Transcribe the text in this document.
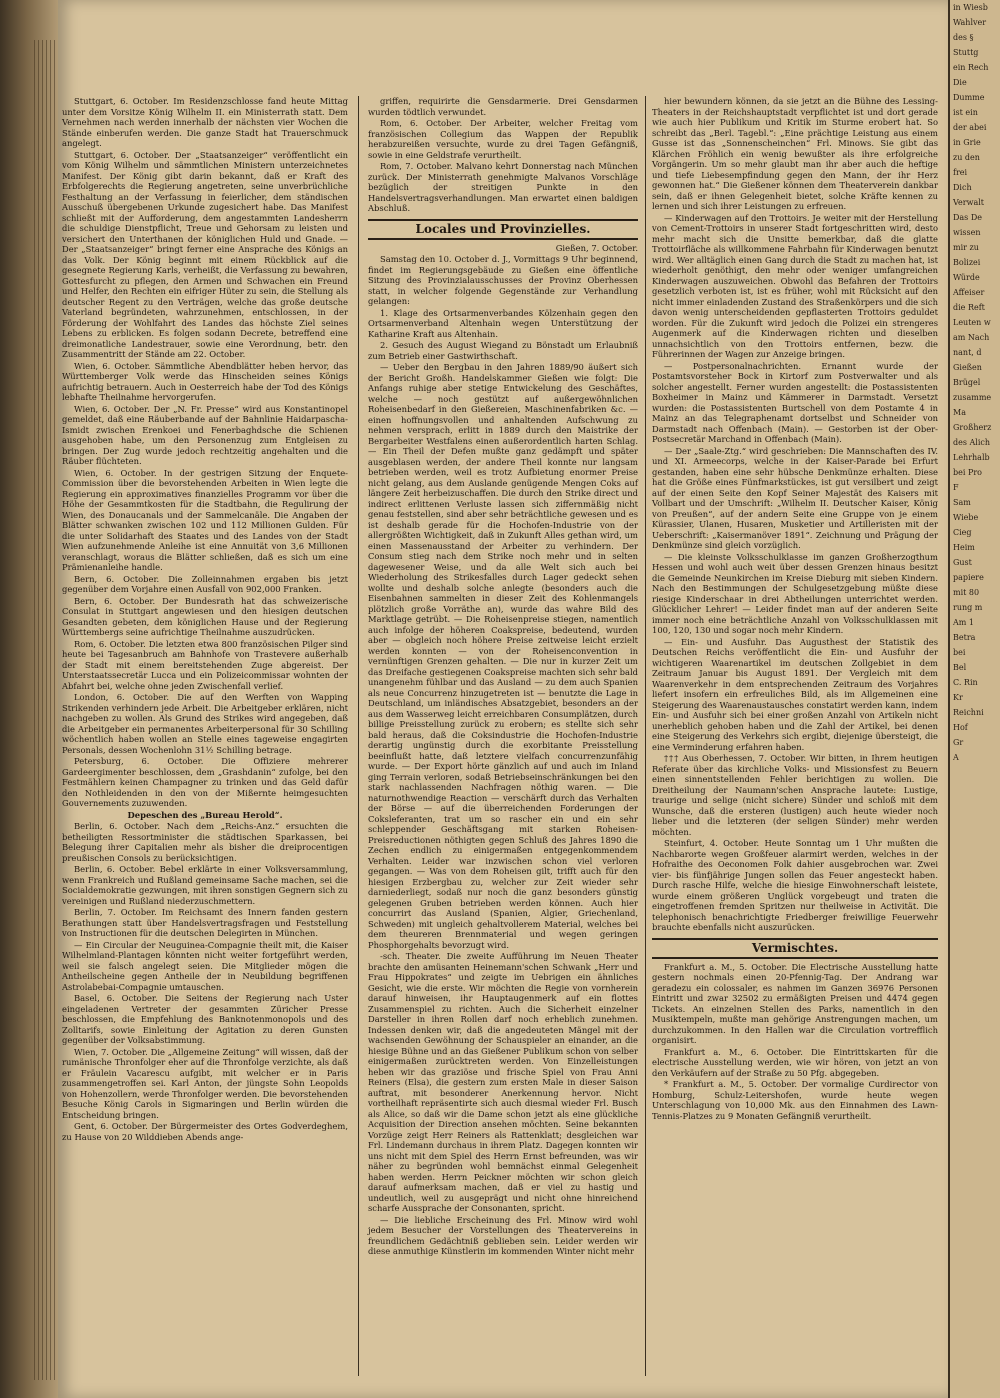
Stuttgart, 6. October. Im Residenzschlosse fand heute Mittag unter dem Vorsitze König Wilhelm II. ein Ministerrath statt. Dem Vernehmen nach werden innerhalb der nächsten vier Wochen die Stände einberufen werden. Die ganze Stadt hat Trauerschmuck angelegt.

Stuttgart, 6. October. Der „Staatsanzeiger“ veröffentlicht ein vom König Wilhelm und sämmtlichen Ministern unterzeichnetes Manifest. Der König gibt darin bekannt, daß er Kraft des Erbfolgerechts die Regierung angetreten, seine unverbrüchliche Festhaltung an der Verfassung in feierlicher, dem ständischen Ausschuß übergebenen Urkunde zugesichert habe. Das Manifest schließt mit der Aufforderung, dem angestammten Landesherrn die schuldige Dienstpflicht, Treue und Gehorsam zu leisten und versichert den Unterthanen der königlichen Huld und Gnade. — Der „Staatsanzeiger“ bringt ferner eine Ansprache des Königs an das Volk. Der König beginnt mit einem Rückblick auf die gesegnete Regierung Karls, verheißt, die Verfassung zu bewahren, Gottesfurcht zu pflegen, den Armen und Schwachen ein Freund und Helfer, den Rechten ein eifriger Hüter zu sein, die Stellung als deutscher Regent zu den Verträgen, welche das große deutsche Vaterland begründeten, wahrzunehmen, entschlossen, in der Förderung der Wohlfahrt des Landes das höchste Ziel seines Lebens zu erblicken. Es folgen sodann Decrete, betreffend eine dreimonatliche Landestrauer, sowie eine Verordnung, betr. den Zusammentritt der Stände am 22. October.

Wien, 6. October. Sämmtliche Abendblätter heben hervor, das Württemberger Volk werde das Hinscheiden seines Königs aufrichtig betrauern. Auch in Oesterreich habe der Tod des Königs lebhafte Theilnahme hervorgerufen.

Wien, 6. October. Der „N. Fr. Presse“ wird aus Konstantinopel gemeldet, daß eine Räuberbande auf der Bahnlinie Haidarpascha-Ismidt zwischen Erenkoei und Fenerbaghdsche die Schienen ausgehoben habe, um den Personenzug zum Entgleisen zu bringen. Der Zug wurde jedoch rechtzeitig angehalten und die Räuber flüchteten.

Wien, 6. October. In der gestrigen Sitzung der Enquete-Commission über die bevorstehenden Arbeiten in Wien legte die Regierung ein approximatives finanzielles Programm vor über die Höhe der Gesammtkosten für die Stadtbahn, die Regulirung der Wien, des Donaucanals und der Sammelcanäle. Die Angaben der Blätter schwanken zwischen 102 und 112 Millionen Gulden. Für die unter Solidarhaft des Staates und des Landes von der Stadt Wien aufzunehmende Anleihe ist eine Annuität von 3,6 Millionen veranschlagt, woraus die Blätter schließen, daß es sich um eine Prämienanleihe handle.

Bern, 6. October. Die Zolleinnahmen ergaben bis jetzt gegenüber dem Vorjahre einen Ausfall von 902,000 Franken.

Bern, 6. October. Der Bundesrath hat das schweizerische Consulat in Stuttgart angewiesen und den hiesigen deutschen Gesandten gebeten, dem königlichen Hause und der Regierung Württembergs seine aufrichtige Theilnahme auszudrücken.

Rom, 6. October. Die letzten etwa 800 französischen Pilger sind heute bei Tagesanbruch am Bahnhofe von Trastevere außerhalb der Stadt mit einem bereitstehenden Zuge abgereist. Der Unterstaatssecretär Lucca und ein Polizeicommissar wohnten der Abfahrt bei, welche ohne jeden Zwischenfall verlief.

London, 6. October. Die auf den Werften von Wapping Strikenden verhindern jede Arbeit. Die Arbeitgeber erklären, nicht nachgeben zu wollen. Als Grund des Strikes wird angegeben, daß die Arbeitgeber ein permanentes Arbeiterpersonal für 30 Schilling wöchentlich haben wollen an Stelle eines tageweise engagirten Personals, dessen Wochenlohn 31½ Schilling betrage.

Petersburg, 6. October. Die Offiziere mehrerer Gardeergimenter beschlossen, dem „Grashdanin“ zufolge, bei den Festmählern keinen Champagner zu trinken und das Geld dafür den Nothleidenden in den von der Mißernte heimgesuchten Gouvernements zuzuwenden.

Depeschen des „Bureau Herold“.

Berlin, 6. October. Nach dem „Reichs-Anz.“ ersuchten die betheiligten Ressortminister die städtischen Sparkassen, bei Belegung ihrer Capitalien mehr als bisher die dreiprocentigen preußischen Consols zu berücksichtigen.

Berlin, 6. October. Bebel erklärte in einer Volksversammlung, wenn Frankreich und Rußland gemeinsame Sache machen, sei die Socialdemokratie gezwungen, mit ihren sonstigen Gegnern sich zu vereinigen und Rußland niederzuschmettern.

Berlin, 7. October. Im Reichsamt des Innern fanden gestern Berathungen statt über Handelsvertragsfragen und Feststellung von Instructionen für die deutschen Delegirten in München.

— Ein Circular der Neuguinea-Compagnie theilt mit, die Kaiser Wilhelmland-Plantagen könnten nicht weiter fortgeführt werden, weil sie falsch angelegt seien. Die Mitglieder mögen die Antheilscheine gegen Antheile der in Neubildung begriffenen Astrolabebai-Compagnie umtauschen.

Basel, 6. October. Die Seitens der Regierung nach Uster eingeladenen Vertreter der gesammten Züricher Presse beschlossen, die Empfehlung des Banknotenmonopols und des Zolltarifs, sowie Einleitung der Agitation zu deren Gunsten gegenüber der Volksabstimmung.

Wien, 7. October. Die „Allgemeine Zeitung“ will wissen, daß der rumänische Thronfolger eher auf die Thronfolge verzichte, als daß er Fräulein Vacarescu aufgibt, mit welcher er in Paris zusammengetroffen sei. Karl Anton, der jüngste Sohn Leopolds von Hohenzollern, werde Thronfolger werden. Die bevorstehenden Besuche König Carols in Sigmaringen und Berlin würden die Entscheidung bringen.

Gent, 6. October. Der Bürgermeister des Ortes Godverdeghem, zu Hause von 20 Wilddieben Abends ange-

griffen, requirirte die Gensdarmerie. Drei Gensdarmen wurden tödtlich verwundet.

Rom, 6. October. Der Arbeiter, welcher Freitag vom französischen Collegium das Wappen der Republik herabzureißen versuchte, wurde zu drei Tagen Gefängniß, sowie in eine Geldstrafe verurtheilt.

Rom, 7. October. Malvano kehrt Donnerstag nach München zurück. Der Ministerrath genehmigte Malvanos Vorschläge bezüglich der streitigen Punkte in den Handelsvertragsverhandlungen. Man erwartet einen baldigen Abschluß.

Locales und Provinzielles.

Gießen, 7. October.

Samstag den 10. October d. J., Vormittags 9 Uhr beginnend, findet im Regierungsgebäude zu Gießen eine öffentliche Sitzung des Provinzialausschusses der Provinz Oberhessen statt, in welcher folgende Gegenstände zur Verhandlung gelangen:

1. Klage des Ortsarmenverbandes Kölzenhain gegen den Ortsarmenverband Altenhain wegen Unterstützung der Katharine Kraft aus Altenhain.

2. Gesuch des August Wiegand zu Bönstadt um Erlaubniß zum Betrieb einer Gastwirthschaft.

— Ueber den Bergbau in den Jahren 1889/90 äußert sich der Bericht Großh. Handelskammer Gießen wie folgt: Die Anfangs ruhige aber stetige Entwickelung des Geschäftes, welche — noch gestützt auf außergewöhnlichen Roheisenbedarf in den Gießereien, Maschinenfabriken &c. — einen hoffnungsvollen und anhaltenden Aufschwung zu nehmen versprach, erlitt in 1889 durch den Maistrike der Bergarbeiter Westfalens einen außerordentlich harten Schlag. — Ein Theil der Defen mußte ganz gedämpft und später ausgeblasen werden, der andere Theil konnte nur langsam betrieben werden, weil es trotz Aufbietung enormer Preise nicht gelang, aus dem Auslande genügende Mengen Coks auf längere Zeit herbeizuschaffen. Die durch den Strike direct und indirect erlittenen Verluste lassen sich ziffernmäßig nicht genau feststellen, sind aber sehr beträchtliche gewesen und es ist deshalb gerade für die Hochofen-Industrie von der allergrößten Wichtigkeit, daß in Zukunft Alles gethan wird, um einen Massenausstand der Arbeiter zu verhindern. Der Consum stieg nach dem Strike noch mehr und in selten dagewesener Weise, und da alle Welt sich auch bei Wiederholung des Strikesfalles durch Lager gedeckt sehen wollte und deshalb solche anlegte (besonders auch die Eisenbahnen sammelten in dieser Zeit des Kohlenmangels plötzlich große Vorräthe an), wurde das wahre Bild des Marktlage getrübt. — Die Roheisenpreise stiegen, namentlich auch infolge der höheren Coakspreise, bedeutend, wurden aber — obgleich noch höhere Preise zeitweise leicht erzielt werden konnten — von der Roheisenconvention in vernünftigen Grenzen gehalten. — Die nur in kurzer Zeit um das Dreifache gestiegenen Coakspreise machten sich sehr bald unangenehm fühlbar und das Ausland — zu dem auch Spanien als neue Concurrenz hinzugetreten ist — benutzte die Lage in Deutschland, um inländisches Absatzgebiet, besonders an der aus dem Wasserweg leicht erreichbaren Consumplätzen, durch billige Preisstellung zurück zu erobern; es stellte sich sehr bald heraus, daß die Coksindustrie die Hochofen-Industrie derartig ungünstig durch die exorbitante Preisstellung beeinflußt hatte, daß letztere vielfach concurrenzunfähig wurde. — Der Export hörte gänzlich auf und auch im Inland ging Terrain verloren, sodaß Betriebseinschränkungen bei den stark nachlassenden Nachfragen nöthig waren. — Die naturnothwendige Reaction — verschärft durch das Verhalten der Börse — auf die überreichenden Forderungen der Coksleferanten, trat um so rascher ein und ein sehr schleppender Geschäftsgang mit starken Roheisen-Preisreductionen nöthigten gegen Schluß des Jahres 1890 die Zechen endlich zu einigermaßen entgegenkommendem Verhalten. Leider war inzwischen schon viel verloren gegangen. — Was von dem Roheisen gilt, trifft auch für den hiesigen Erzbergbau zu, welcher zur Zeit wieder sehr darniederliegt, sodaß nur noch die ganz besonders günstig gelegenen Gruben betrieben werden können. Auch hier concurrirt das Ausland (Spanien, Algier, Griechenland, Schweden) mit ungleich gehaltvollerem Material, welches bei dem theureren Brennmaterial und wegen geringen Phosphorgehalts bevorzugt wird.

-sch. Theater. Die zweite Aufführung im Neuen Theater brachte den amüsanten Heinemann'schen Schwank „Herr und Frau Hippokrates“ und zeigte im Uebrigen ein ähnliches Gesicht, wie die erste. Wir möchten die Regie von vornherein darauf hinweisen, ihr Hauptaugenmerk auf ein flottes Zusammenspiel zu richten. Auch die Sicherheit einzelner Darsteller in ihren Rollen darf noch erheblich zunehmen. Indessen denken wir, daß die angedeuteten Mängel mit der wachsenden Gewöhnung der Schauspieler an einander, an die hiesige Bühne und an das Gießener Publikum schon von selber einigermaßen zurücktreten werden. Von Einzelleistungen heben wir das graziöse und frische Spiel von Frau Anni Reiners (Elsa), die gestern zum ersten Male in dieser Saison auftrat, mit besonderer Anerkennung hervor. Nicht vortheilhaft repräsentirte sich auch diesmal wieder Frl. Busch als Alice, so daß wir die Dame schon jetzt als eine glückliche Acquisition der Direction ansehen möchten. Seine bekannten Vorzüge zeigt Herr Reiners als Rattenklatt; desgleichen war Frl. Lindemann durchaus in ihrem Platz. Dagegen konnten wir uns nicht mit dem Spiel des Herrn Ernst befreunden, was wir näher zu begründen wohl bemnächst einmal Gelegenheit haben werden. Herrn Peickner möchten wir schon gleich darauf aufmerksam machen, daß er viel zu hastig und undeutlich, weil zu ausgeprägt und nicht ohne hinreichend scharfe Aussprache der Consonanten, spricht.

— Die liebliche Erscheinung des Frl. Minow wird wohl jedem Besucher der Vorstellungen des Theatervereins in freundlichem Gedächtniß geblieben sein. Leider werden wir diese anmuthige Künstlerin im kommenden Winter nicht mehr

hier bewundern können, da sie jetzt an die Bühne des Lessing-Theaters in der Reichshauptstadt verpflichtet ist und dort gerade wie auch hier Publikum und Kritik im Sturme erobert hat. So schreibt das „Berl. Tagebl.“: „Eine prächtige Leistung aus einem Gusse ist das „Sonnenscheinchen“ Frl. Minows. Sie gibt das Klärchen Fröhlich ein wenig bewußter als ihre erfolgreiche Vorgängerin. Um so mehr glaubt man ihr aber auch die heftige und tiefe Liebesempfindung gegen den Mann, der ihr Herz gewonnen hat.“ Die Gießener können dem Theaterverein dankbar sein, daß er ihnen Gelegenheit bietet, solche Kräfte kennen zu lernen und sich ihrer Leistungen zu erfreuen.

— Kinderwagen auf den Trottoirs. Je weiter mit der Herstellung von Cement-Trottoirs in unserer Stadt fortgeschritten wird, desto mehr macht sich die Unsitte bemerkbar, daß die glatte Trottoirfläche als willkommene Fahrbahn für Kinderwagen benutzt wird. Wer alltäglich einen Gang durch die Stadt zu machen hat, ist wiederholt genöthigt, den mehr oder weniger umfangreichen Kinderwagen auszuweichen. Obwohl das Befahren der Trottoirs gesetzlich verboten ist, ist es früher, wohl mit Rücksicht auf den nicht immer einladenden Zustand des Straßenkörpers und die sich davon wenig unterscheidenden gepflasterten Trottoirs geduldet worden. Für die Zukunft wird jedoch die Polizei ein strengeres Augenmerk auf die Kinderwagen richten und dieselben unnachsichtlich von den Trottoirs entfernen, bezw. die Führerinnen der Wagen zur Anzeige bringen.

— Postpersonalnachrichten. Ernannt wurde der Postamtsvorsteher Bock in Kirtorf zum Postverwalter und als solcher angestellt. Ferner wurden angestellt: die Postassistenten Boxheimer in Mainz und Kämmerer in Darmstadt. Versetzt wurden: die Postassistenten Burtschell von dem Postamte 4 in Mainz an das Telegraphenamt dortselbst und Schneider von Darmstadt nach Offenbach (Main). — Gestorben ist der Ober-Postsecretär Marchand in Offenbach (Main).

— Der „Saale-Ztg.“ wird geschrieben: Die Mannschaften des IV. und XI. Armeecorps, welche in der Kaiser-Parade bei Erfurt gestanden, haben eine sehr hübsche Denkmünze erhalten. Diese hat die Größe eines Fünfmarkstückes, ist gut versilbert und zeigt auf der einen Seite den Kopf Seiner Majestät des Kaisers mit Vollbart und der Umschrift: „Wilhelm II. Deutscher Kaiser, König von Preußen“, auf der andern Seite eine Gruppe von je einem Kürassier, Ulanen, Husaren, Musketier und Artilleristen mit der Ueberschrift: „Kaisermanöver 1891“. Zeichnung und Prägung der Denkmünze sind gleich vorzüglich.

— Die kleinste Volksschulklasse im ganzen Großherzogthum Hessen und wohl auch weit über dessen Grenzen hinaus besitzt die Gemeinde Neunkirchen im Kreise Dieburg mit sieben Kindern. Nach den Bestimmungen der Schulgesetzgebung müßte diese riesige Kinderschaar in drei Abtheilungen unterrichtet werden. Glücklicher Lehrer! — Leider findet man auf der anderen Seite immer noch eine beträchtliche Anzahl von Volksschulklassen mit 100, 120, 130 und sogar noch mehr Kindern.

— Ein- und Ausfuhr. Das Augusthest der Statistik des Deutschen Reichs veröffentlicht die Ein- und Ausfuhr der wichtigeren Waarenartikel im deutschen Zollgebiet in dem Zeitraum Januar bis August 1891. Der Vergleich mit dem Waarenverkehr in dem entsprechenden Zeitraum des Vorjahres liefert insofern ein erfreuliches Bild, als im Allgemeinen eine Steigerung des Waarenaustausches constatirt werden kann, indem Ein- und Ausfuhr sich bei einer großen Anzahl von Artikeln nicht unerheblich gehoben haben und die Zahl der Artikel, bei denen eine Steigerung des Verkehrs sich ergibt, diejenige übersteigt, die eine Verminderung erfahren haben.

††† Aus Oberhessen, 7. October. Wir bitten, in Ihrem heutigen Referate über das kirchliche Volks- und Missionsfest zu Beuern einen sinnentstellenden Fehler berichtigen zu wollen. Die Dreitheilung der Naumann'schen Ansprache lautete: Lustige, traurige und selige (nicht sichere) Sünder und schloß mit dem Wunsche, daß die ersteren (lustigen) auch heute wieder noch lieber und die letzteren (der seligen Sünder) mehr werden möchten.

Steinfurt, 4. October. Heute Sonntag um 1 Uhr mußten die Nachbarorte wegen Großfeuer alarmirt werden, welches in der Hofraithe des Oeconomen Folk dahier ausgebrochen war. Zwei vier- bis fünfjährige Jungen sollen das Feuer angesteckt haben. Durch rasche Hilfe, welche die hiesige Einwohnerschaft leistete, wurde einem größeren Unglück vorgebeugt und traten die eingetroffenen fremden Spritzen nur theilweise in Activität. Die telephonisch benachrichtigte Friedberger freiwillige Feuerwehr brauchte ebenfalls nicht auszurücken.

Vermischtes.

Frankfurt a. M., 5. October. Die Electrische Ausstellung hatte gestern nochmals einen 20-Pfennig-Tag. Der Andrang war geradezu ein colossaler, es nahmen im Ganzen 36976 Personen Eintritt und zwar 32502 zu ermäßigten Preisen und 4474 gegen Tickets. An einzelnen Stellen des Parks, namentlich in den Musiktempeln, mußte man gehörige Anstrengungen machen, um durchzukommen. In den Hallen war die Circulation vortrefflich organisirt.

Frankfurt a. M., 6. October. Die Eintrittskarten für die electrische Ausstellung werden, wie wir hören, von jetzt an von den Verkäufern auf der Straße zu 50 Pfg. abgegeben.

* Frankfurt a. M., 5. October. Der vormalige Curdirector von Homburg, Schulz-Leitershofen, wurde heute wegen Unterschlagung von 10,000 Mk. aus den Einnahmen des Lawn-Tennis-Platzes zu 9 Monaten Gefängniß verurtheilt.

in Wiesb
Wahlver
des §
Stuttg
ein Rech
Die
Dumme
ist ein
der abei
in Grie
zu den
frei
Dich
Verwalt
Das De
wissen
mir zu
Bolizei
Würde
Affeiser
die Reft
Leuten w
am Nach
nant, d
Gießen
Brügel
zusamme
Ma
Großherz
des Alich
Lehrhalb
bei Pro
F
Sam
Wiebe
Cieg
Heim
Gust
papiere
mit 80
rung m
Am 1
Betra
bei
Bel
C. Rin
Kr
Reichni
Hof
Gr
A
